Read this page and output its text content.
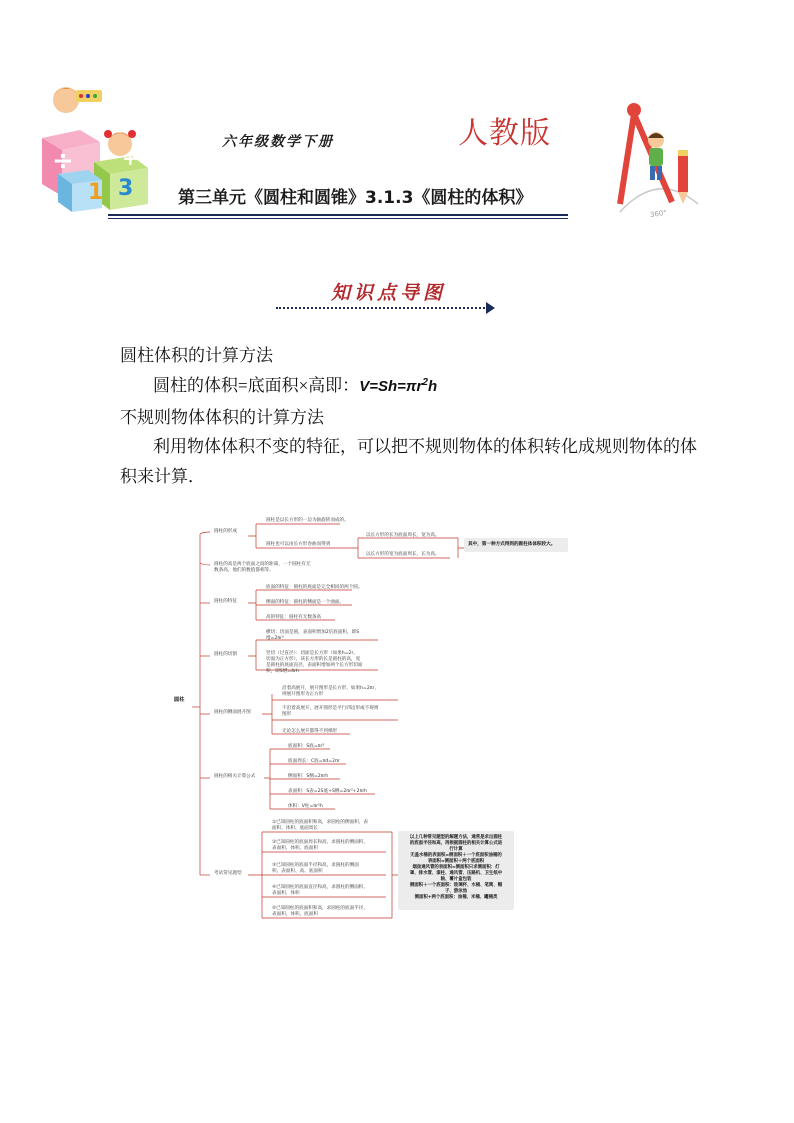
÷ +
1 3
360°
六年级数学下册	人教版
第三单元《圆柱和圆锥》3.1.3《圆柱的体积》
知识点导图
圆柱体积的计算方法
圆柱的体积=底面积×高即：$V=Sh=\pi r^2h$
不规则物体体积的计算方法
利用物体体积不变的特征，可以把不规则物体的体积转化成规则物体的体
积来计算．
圆柱
圆柱的形成
圆柱是以长方形的一边为轴旋转而成的。
圆柱也可以由长方形卷曲而得到
以长方形的长为底面周长，宽为高。
以长方形的宽为底面周长，长为高。
其中，第一种方式得到的圆柱体体积较大。
圆柱的高是两个底面之间的距离，一个圆柱有无
数条高，他们的数值都相等。
圆柱的特征
底面的特征：圆柱的底面是完全相同的两个圆。
侧面的特征：圆柱的侧面是一个曲面。
高的特征：圆柱有无数条高
圆柱的切割
横切：切面是圆，表面积增加2倍底面积，即S
增=2πr²
竖切（过直径）：切面是长方形（如果h=2r，
切面为正方形），该长方形的长是圆柱的高，宽
是圆柱的底面直径，表面积增加两个长方形切面
积，即S增=4rh
圆柱的侧面展开图
沿着高展开，展开图形是长方形，如果h=2πr，
则展开图形为正方形
不沿着高展开，展开图形是平行四边形或不规则
图形
无论怎么展开都得不到梯形
圆柱的相关计算公式
底面积：S底=πr²
底面周长：C底=πd=2πr
侧面积：S侧=2πrh
表面积：S表=2S底+S侧=2πr²+2πrh
体积：V柱=πr²h
考试常见题型
①已知圆柱的底面积和高，求圆柱的侧面积、表
面积、体积、底面周长
②已知圆柱的底面周长和高，求圆柱的侧面积、
表面积、体积、底面积
③已知圆柱的底面半径和高，求圆柱的侧面
积、表面积、高、底面积
④已知圆柱的底面直径和高，求圆柱的侧面积、
表面积、体积
⑤已知圆柱的底面积和高，求圆柱的底面半径、
表面积、体积、底面积
以上几种常见题型的解题方法，通常是求出圆柱
的底面半径和高，再根据圆柱的相关计算公式进
行计算
无盖水桶的表面积=侧面积＋一个底面积油桶的
表面积=侧面积＋两个底面积
烟囱通风管的表面积=侧面积只求侧面积：灯
罩、排水管、漆柱、通风管、压路机、卫生纸中
轴、薯片盒包装
侧面积＋一个底面积：玻璃杯、水桶、笔筒、帽
子、游泳池
侧面积+两个底面积：油桶、米桶、罐桶类
